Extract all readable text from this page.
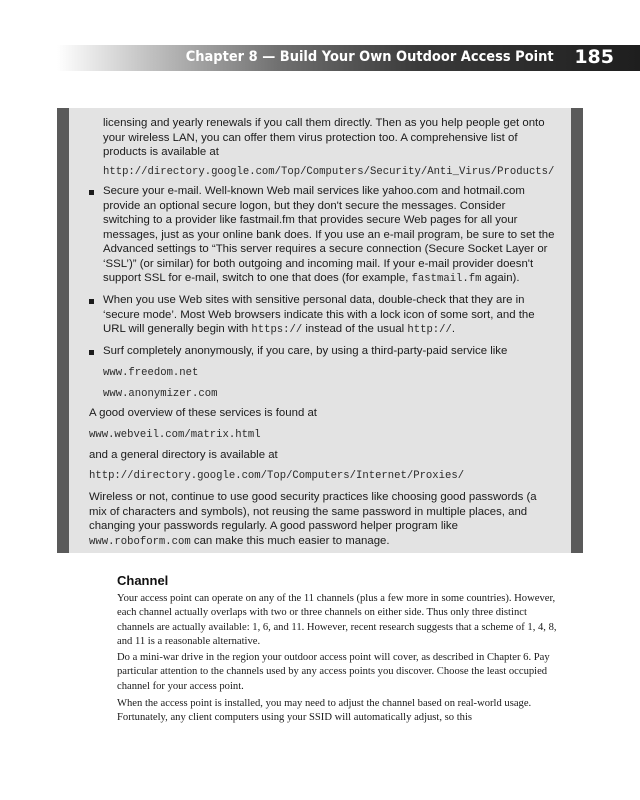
Chapter 8 — Build Your Own Outdoor Access Point 185
licensing and yearly renewals if you call them directly. Then as you help people get onto your wireless LAN, you can offer them virus protection too. A comprehensive list of products is available at
http://directory.google.com/Top/Computers/Security/Anti_Virus/Products/
Secure your e-mail. Well-known Web mail services like yahoo.com and hotmail.com provide an optional secure logon, but they don't secure the messages. Consider switching to a provider like fastmail.fm that provides secure Web pages for all your messages, just as your online bank does. If you use an e-mail program, be sure to set the Advanced settings to “This server requires a secure connection (Secure Socket Layer or ‘SSL’)” (or similar) for both outgoing and incoming mail. If your e-mail provider doesn't support SSL for e-mail, switch to one that does (for example, fastmail.fm again).
When you use Web sites with sensitive personal data, double-check that they are in ‘secure mode’. Most Web browsers indicate this with a lock icon of some sort, and the URL will generally begin with https:// instead of the usual http://.
Surf completely anonymously, if you care, by using a third-party-paid service like
www.freedom.net
www.anonymizer.com
A good overview of these services is found at
www.webveil.com/matrix.html
and a general directory is available at
http://directory.google.com/Top/Computers/Internet/Proxies/
Wireless or not, continue to use good security practices like choosing good passwords (a mix of characters and symbols), not reusing the same password in multiple places, and changing your passwords regularly. A good password helper program like www.roboform.com can make this much easier to manage.
Channel
Your access point can operate on any of the 11 channels (plus a few more in some countries). However, each channel actually overlaps with two or three channels on either side. Thus only three distinct channels are actually available: 1, 6, and 11. However, recent research suggests that a scheme of 1, 4, 8, and 11 is a reasonable alternative.
Do a mini-war drive in the region your outdoor access point will cover, as described in Chapter 6. Pay particular attention to the channels used by any access points you discover. Choose the least occupied channel for your access point.
When the access point is installed, you may need to adjust the channel based on real-world usage. Fortunately, any client computers using your SSID will automatically adjust, so this
